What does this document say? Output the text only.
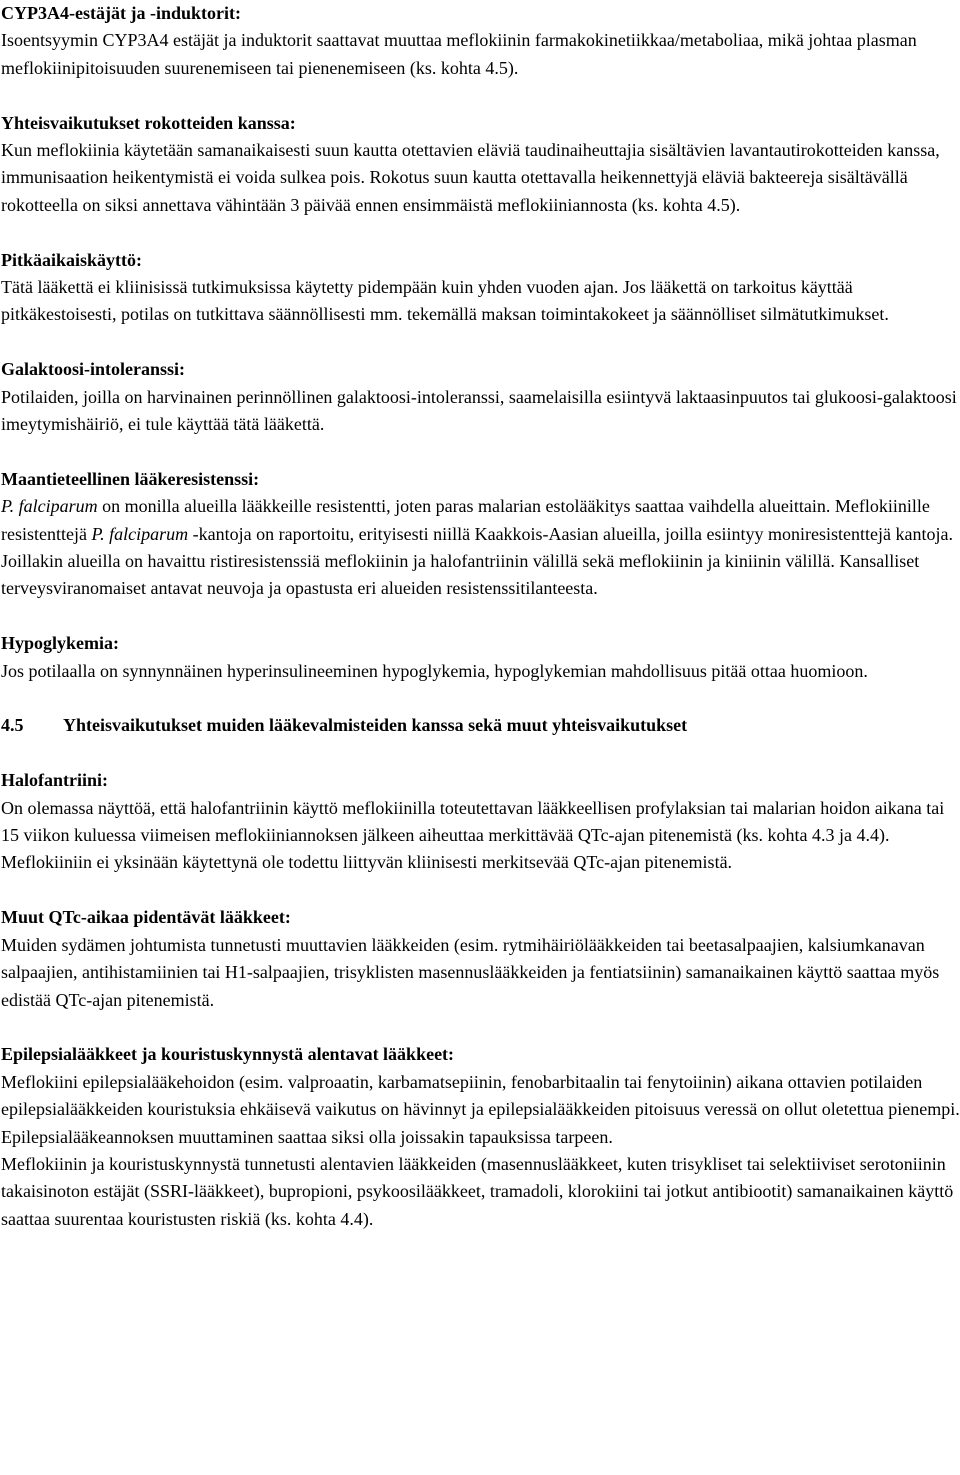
CYP3A4-estäjät ja -induktorit:

Isoentsyymin CYP3A4 estäjät ja induktorit saattavat muuttaa meflokiinin farmakokinetiikkaa/metaboliaa, mikä johtaa plasman meflokiinipitoisuuden suurenemiseen tai pienenemiseen (ks. kohta 4.5).

Yhteisvaikutukset rokotteiden kanssa:

Kun meflokiinia käytetään samanaikaisesti suun kautta otettavien eläviä taudinaiheuttajia sisältävien lavantautirokotteiden kanssa, immunisaation heikentymistä ei voida sulkea pois. Rokotus suun kautta otettavalla heikennettyjä eläviä bakteereja sisältävällä rokotteella on siksi annettava vähintään 3 päivää ennen ensimmäistä meflokiiniannosta (ks. kohta 4.5).

Pitkäaikaiskäyttö:

Tätä lääkettä ei kliinisissä tutkimuksissa käytetty pidempään kuin yhden vuoden ajan. Jos lääkettä on tarkoitus käyttää pitkäkestoisesti, potilas on tutkittava säännöllisesti mm. tekemällä maksan toimintakokeet ja säännölliset silmätutkimukset.

Galaktoosi-intoleranssi:

Potilaiden, joilla on harvinainen perinnöllinen galaktoosi-intoleranssi, saamelaisilla esiintyvä laktaasinpuutos tai glukoosi-galaktoosi imeytymishäiriö, ei tule käyttää tätä lääkettä.

Maantieteellinen lääkeresistenssi:

P. falciparum on monilla alueilla lääkkeille resistentti, joten paras malarian estolääkitys saattaa vaihdella alueittain. Meflokiinille resistenttejä P. falciparum -kantoja on raportoitu, erityisesti niillä Kaakkois-Aasian alueilla, joilla esiintyy moniresistenttejä kantoja. Joillakin alueilla on havaittu ristiresistenssiä meflokiinin ja halofantriinin välillä sekä meflokiinin ja kiniinin välillä. Kansalliset terveysviranomaiset antavat neuvoja ja opastusta eri alueiden resistenssitilanteesta.

Hypoglykemia:

Jos potilaalla on synnynnäinen hyperinsulineeminen hypoglykemia, hypoglykemian mahdollisuus pitää ottaa huomioon.

4.5 Yhteisvaikutukset muiden lääkevalmisteiden kanssa sekä muut yhteisvaikutukset
Halofantriini:

On olemassa näyttöä, että halofantriinin käyttö meflokiinilla toteutettavan lääkkeellisen profylaksian tai malarian hoidon aikana tai 15 viikon kuluessa viimeisen meflokiiniannoksen jälkeen aiheuttaa merkittävää QTc-ajan pitenemistä (ks. kohta 4.3 ja 4.4). Meflokiiniin ei yksinään käytettynä ole todettu liittyvän kliinisesti merkitsevää QTc-ajan pitenemistä.

Muut QTc-aikaa pidentävät lääkkeet:

Muiden sydämen johtumista tunnetusti muuttavien lääkkeiden (esim. rytmihäiriölääkkeiden tai beetasalpaajien, kalsiumkanavan salpaajien, antihistamiinien tai H1-salpaajien, trisyklisten masennuslääkkeiden ja fentiatsiinin) samanaikainen käyttö saattaa myös edistää QTc-ajan pitenemistä.

Epilepsialääkkeet ja kouristuskynnystä alentavat lääkkeet:

Meflokiini epilepsialääkehoidon (esim. valproaatin, karbamatsepiinin, fenobarbitaalin tai fenytoiinin) aikana ottavien potilaiden epilepsialääkkeiden kouristuksia ehkäisevä vaikutus on hävinnyt ja epilepsialääkkeiden pitoisuus veressä on ollut oletettua pienempi. Epilepsialääkeannoksen muuttaminen saattaa siksi olla joissakin tapauksissa tarpeen.

Meflokiinin ja kouristuskynnystä tunnetusti alentavien lääkkeiden (masennuslääkkeet, kuten trisykliset tai selektiiviset serotoniinin takaisinoton estäjät (SSRI-lääkkeet), bupropioni, psykoosilääkkeet, tramadoli, klorokiini tai jotkut antibiootit) samanaikainen käyttö saattaa suurentaa kouristusten riskiä (ks. kohta 4.4).
